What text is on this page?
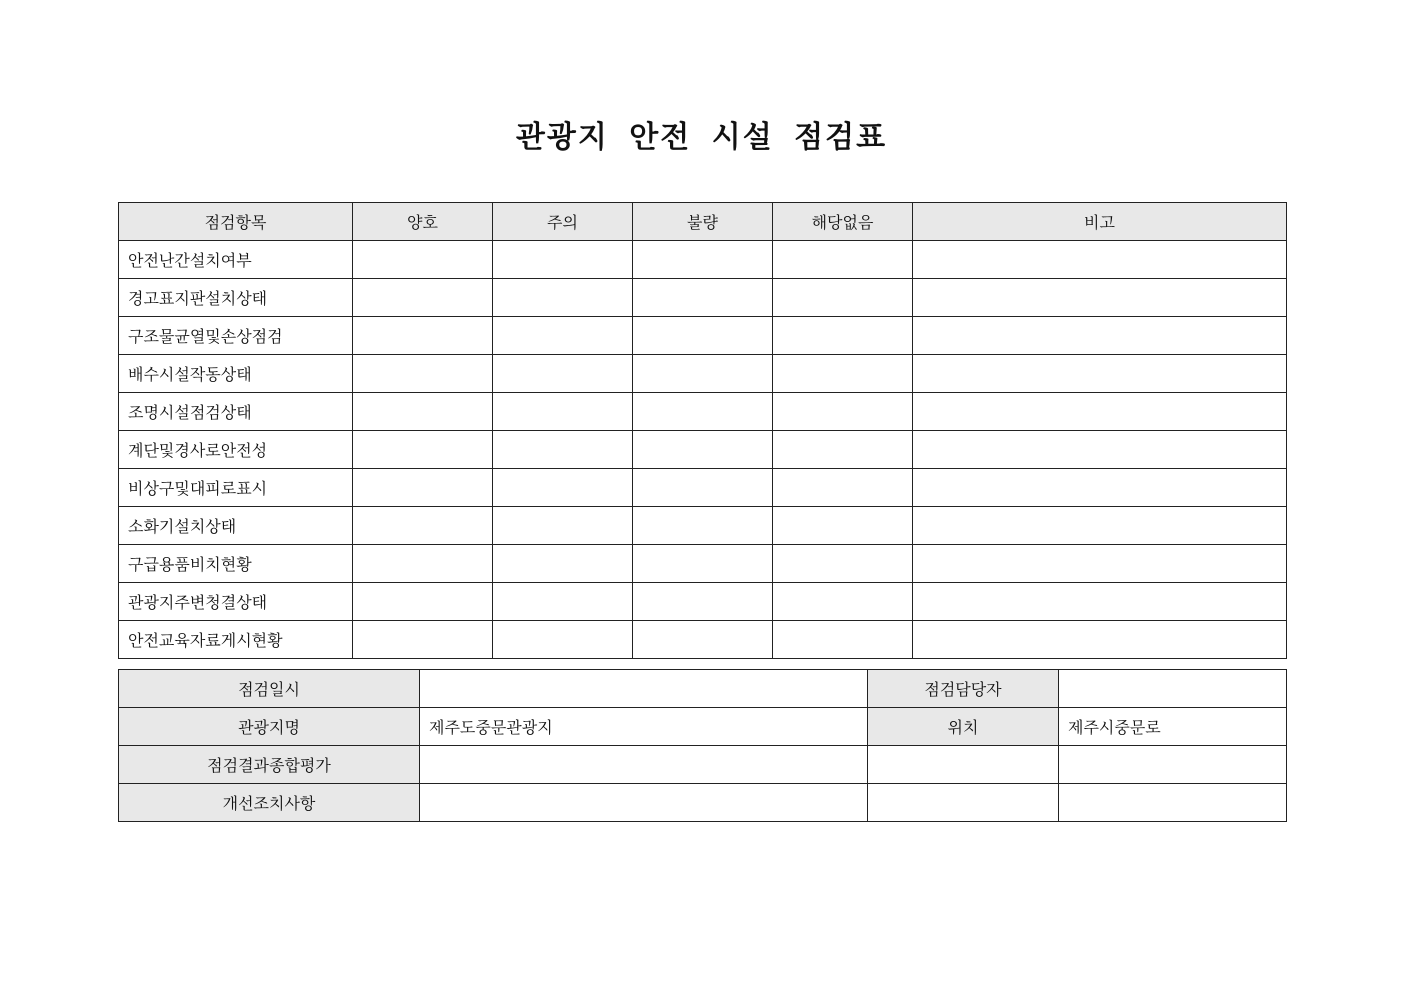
관광지 안전 시설 점검표
점검항목	양호	주의	불량	해당없음	비고
안전난간설치여부					
경고표지판설치상태					
구조물균열및손상점검					
배수시설작동상태					
조명시설점검상태					
계단및경사로안전성					
비상구및대피로표시					
소화기설치상태					
구급용품비치현황					
관광지주변청결상태					
안전교육자료게시현황					
점검일시		점검담당자	
관광지명	제주도중문관광지	위치	제주시중문로
점검결과종합평가			
개선조치사항			
